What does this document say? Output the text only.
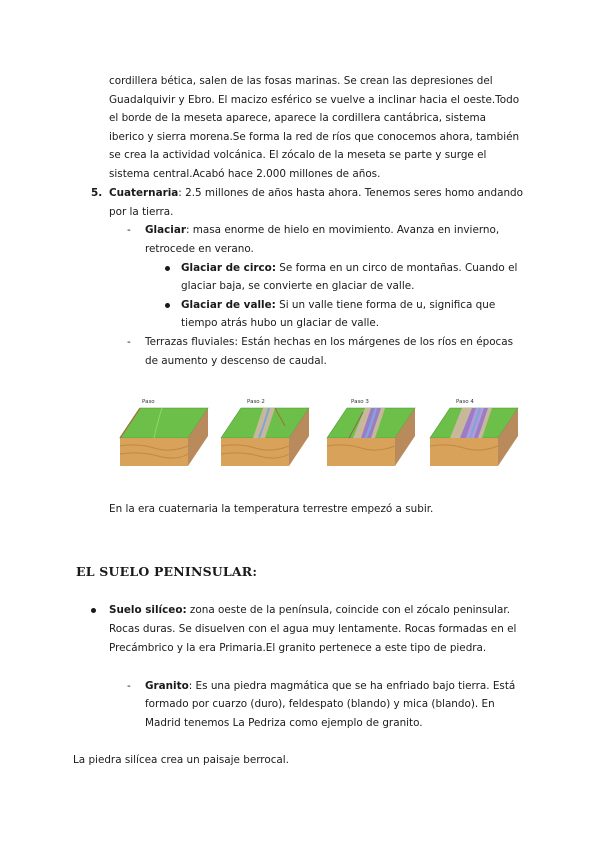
cordillera bética, salen de las fosas marinas. Se crean las depresiones del
Guadalquivir y Ebro. El macizo esférico se vuelve a inclinar hacia el oeste.Todo
el borde de la meseta aparece, aparece la cordillera cantábrica, sistema
iberico y sierra morena.Se forma la red de ríos que conocemos ahora, también
se crea la actividad volcánica. El zócalo de la meseta se parte y surge el
sistema central.Acabó hace 2.000 millones de años.
5. Cuaternaria: 2.5 millones de años hasta ahora. Tenemos seres homo andando
por la tierra.
- Glaciar: masa enorme de hielo en movimiento. Avanza en invierno,
retrocede en verano.
Glaciar de circo: Se forma en un circo de montañas. Cuando el
glaciar baja, se convierte en glaciar de valle.
Glaciar de valle: Si un valle tiene forma de u, significa que
tiempo atrás hubo un glaciar de valle.
- Terrazas fluviales: Están hechas en los márgenes de los ríos en épocas
de aumento y descenso de caudal.
Paso	Paso 2	Paso 3	Paso 4
En la era cuaternaria la temperatura terrestre empezó a subir.
EL SUELO PENINSULAR:
Suelo silíceo: zona oeste de la península, coincide con el zócalo peninsular.
Rocas duras. Se disuelven con el agua muy lentamente. Rocas formadas en el
Precámbrico y la era Primaria.El granito pertenece a este tipo de piedra.
- Granito: Es una piedra magmática que se ha enfriado bajo tierra. Está
formado por cuarzo (duro), feldespato (blando) y mica (blando). En
Madrid tenemos La Pedriza como ejemplo de granito.
La piedra silícea crea un paisaje berrocal.
